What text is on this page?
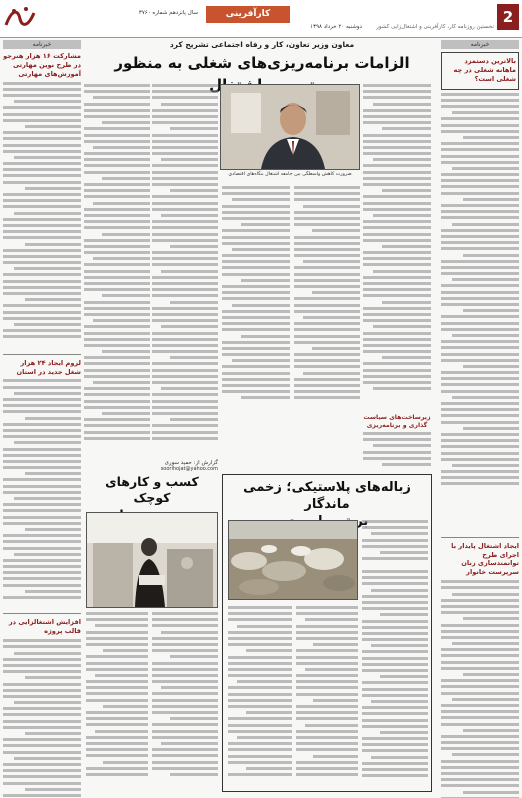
2
کارآفرینی
سال پانزدهم شماره ۳۷۶۰
دوشنبه ۲۰ خرداد ۱۳۹۸	نخستین روزنامه کار، کارآفرینی و اشتغال‌زایی کشور
خبرنامه
بالاترین دستمزد ماهانه شغلی در چه شغلی است؟
ایجاد اشتغال پایدار با اجرای طرح توانمندسازی زنان سرپرست خانوار
خبرنامه
مشارکت ۱۶ هزار هنرجو در طرح نوین مهارتی آموزش‌های مهارتی
لزوم ایجاد ۲۴ هزار شغل جدید در استان
افزایش اشتغالزایی در قالب پروژه
معاون وزیر تعاون، کار و رفاه اجتماعی تشریح کرد
الزامات برنامه‌ریزی‌های شغلی به منظور
ضرورت کاهش واسطگی بین جامعه اشتغال بنگاه‌های اقتصادی
زیرساخت‌های سیاست گذاری و برنامه‌ریزی
زباله‌های پلاستیکی؛ زخمی ماندگار
کسب و کارهای کوچک
گزارش از: حمید سوری
soorihojat@yahoo.com
